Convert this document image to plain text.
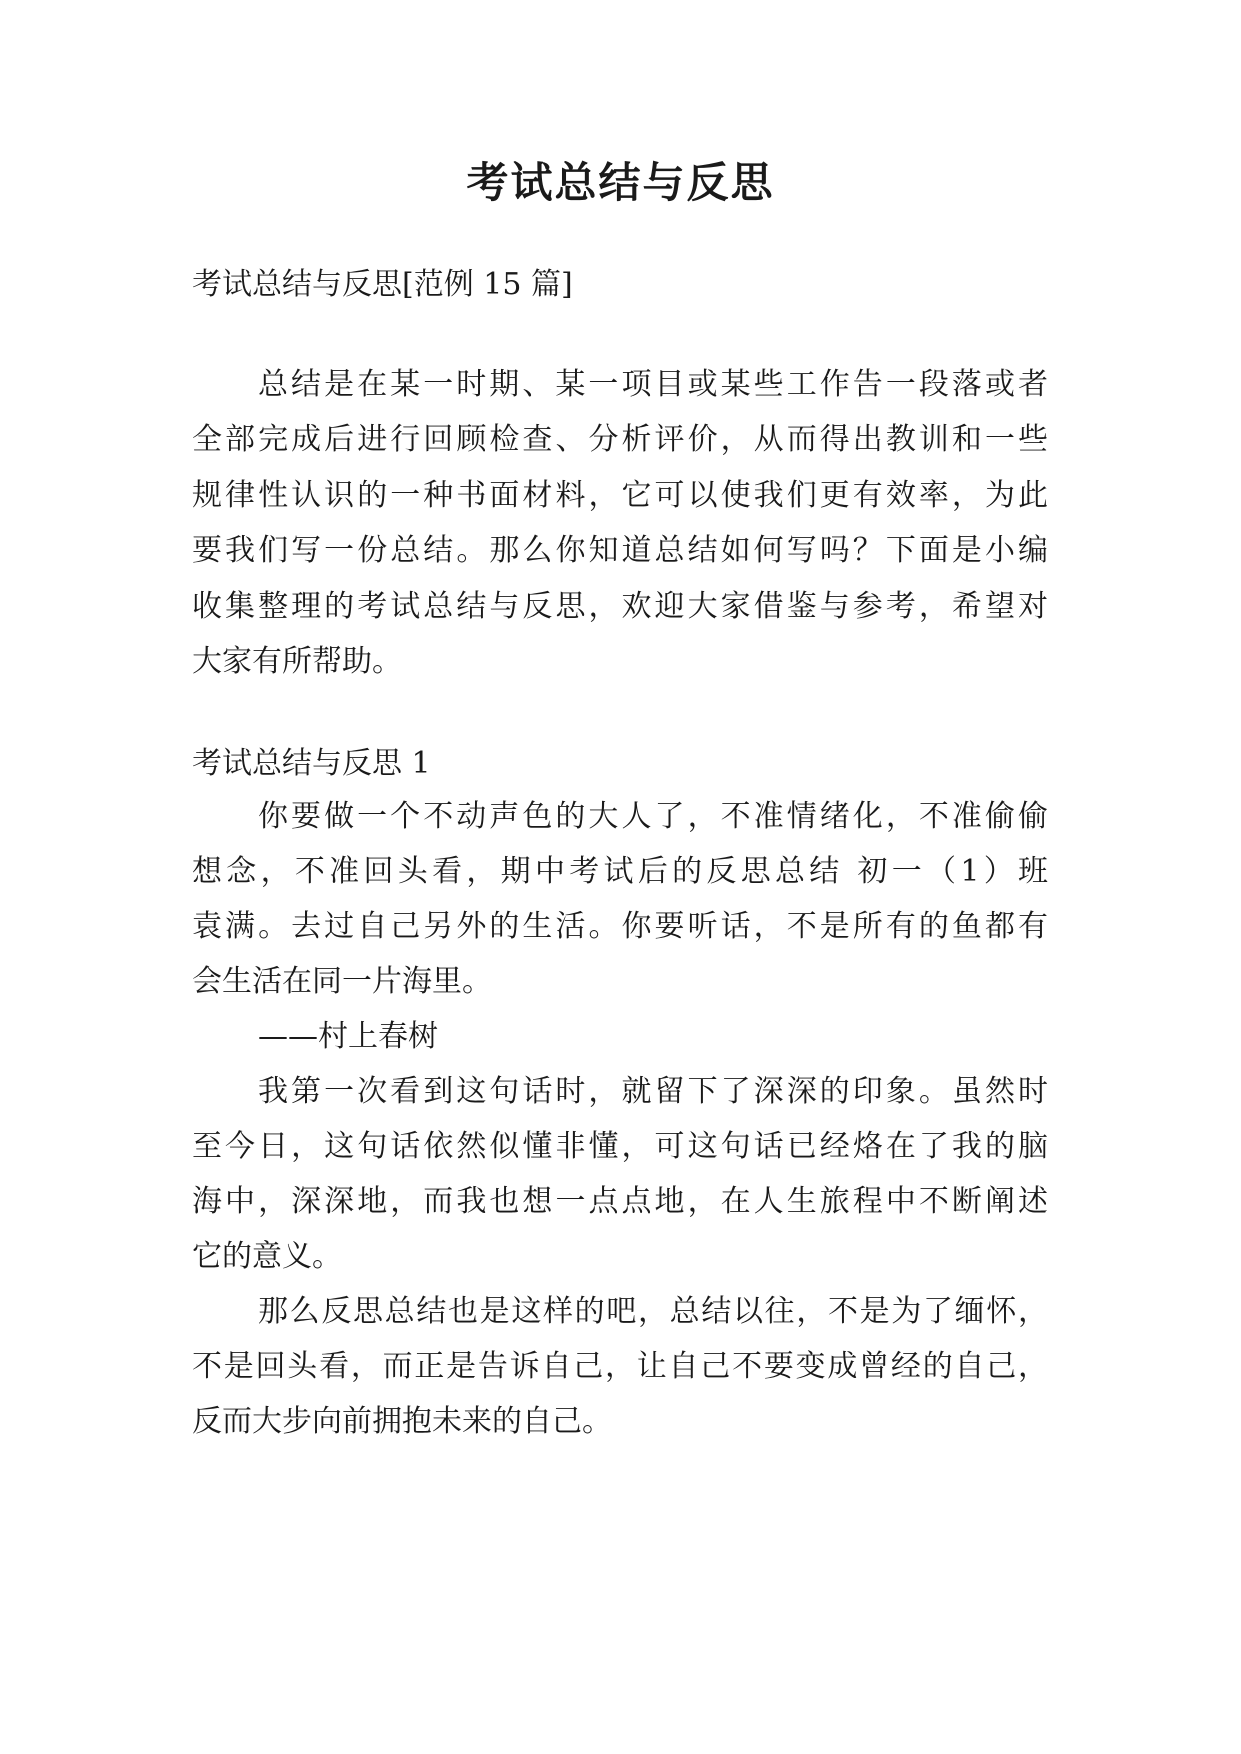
考试总结与反思
考试总结与反思[范例 15 篇]
总结是在某一时期、某一项目或某些工作告一段落或者
全部完成后进行回顾检查、分析评价，从而得出教训和一些
规律性认识的一种书面材料，它可以使我们更有效率，为此
要我们写一份总结。那么你知道总结如何写吗？下面是小编
收集整理的考试总结与反思，欢迎大家借鉴与参考，希望对
大家有所帮助。
考试总结与反思 1
你要做一个不动声色的大人了，不准情绪化，不准偷偷
想念，不准回头看，期中考试后的反思总结 初一（1）班
袁满。去过自己另外的生活。你要听话，不是所有的鱼都有
会生活在同一片海里。
——村上春树
我第一次看到这句话时，就留下了深深的印象。虽然时
至今日，这句话依然似懂非懂，可这句话已经烙在了我的脑
海中，深深地，而我也想一点点地，在人生旅程中不断阐述
它的意义。
那么反思总结也是这样的吧，总结以往，不是为了缅怀，
不是回头看，而正是告诉自己，让自己不要变成曾经的自己，
反而大步向前拥抱未来的自己。
